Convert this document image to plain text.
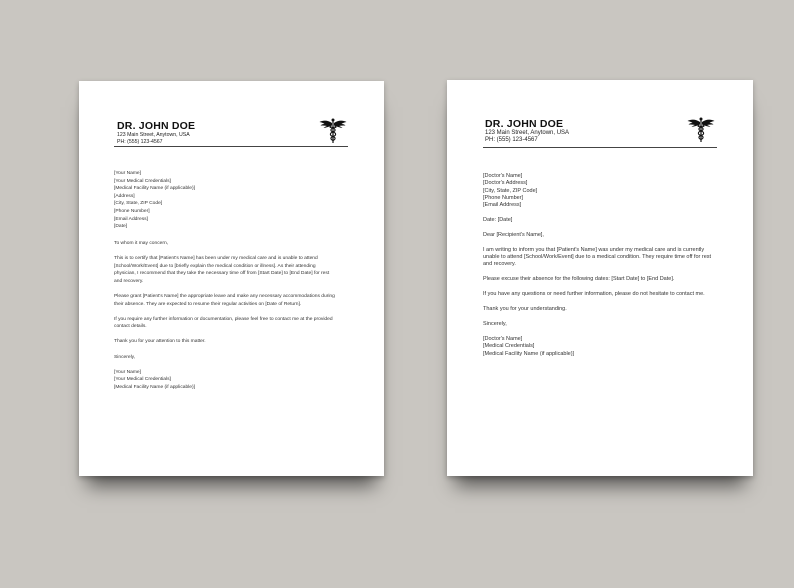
DR. JOHN DOE
123 Main Street, Anytown, USA
PH: (555) 123-4567
[Your Name]
[Your Medical Credentials]
[Medical Facility Name (if applicable)]
[Address]
[City, State, ZIP Code]
[Phone Number]
[Email Address]
[Date]
To whom it may concern,
This is to certify that [Patient's Name] has been under my medical care and is unable to attend
[School/Work/Event] due to [briefly explain the medical condition or illness]. As their attending
physician, I recommend that they take the necessary time off from [Start Date] to [End Date] for rest
and recovery.
Please grant [Patient's Name] the appropriate leave and make any necessary accommodations during
their absence. They are expected to resume their regular activities on [Date of Return].
If you require any further information or documentation, please feel free to contact me at the provided
contact details.
Thank you for your attention to this matter.
Sincerely,
[Your Name]
[Your Medical Credentials]
[Medical Facility Name (if applicable)]
DR. JOHN DOE
123 Main Street, Anytown, USA
PH: (555) 123-4567
[Doctor's Name]
[Doctor's Address]
[City, State, ZIP Code]
[Phone Number]
[Email Address]
Date: [Date]
Dear [Recipient's Name],
I am writing to inform you that [Patient's Name] was under my medical care and is currently
unable to attend [School/Work/Event] due to a medical condition. They require time off for rest
and recovery.
Please excuse their absence for the following dates: [Start Date] to [End Date].
If you have any questions or need further information, please do not hesitate to contact me.
Thank you for your understanding.
Sincerely,
[Doctor's Name]
[Medical Credentials]
[Medical Facility Name (if applicable)]
